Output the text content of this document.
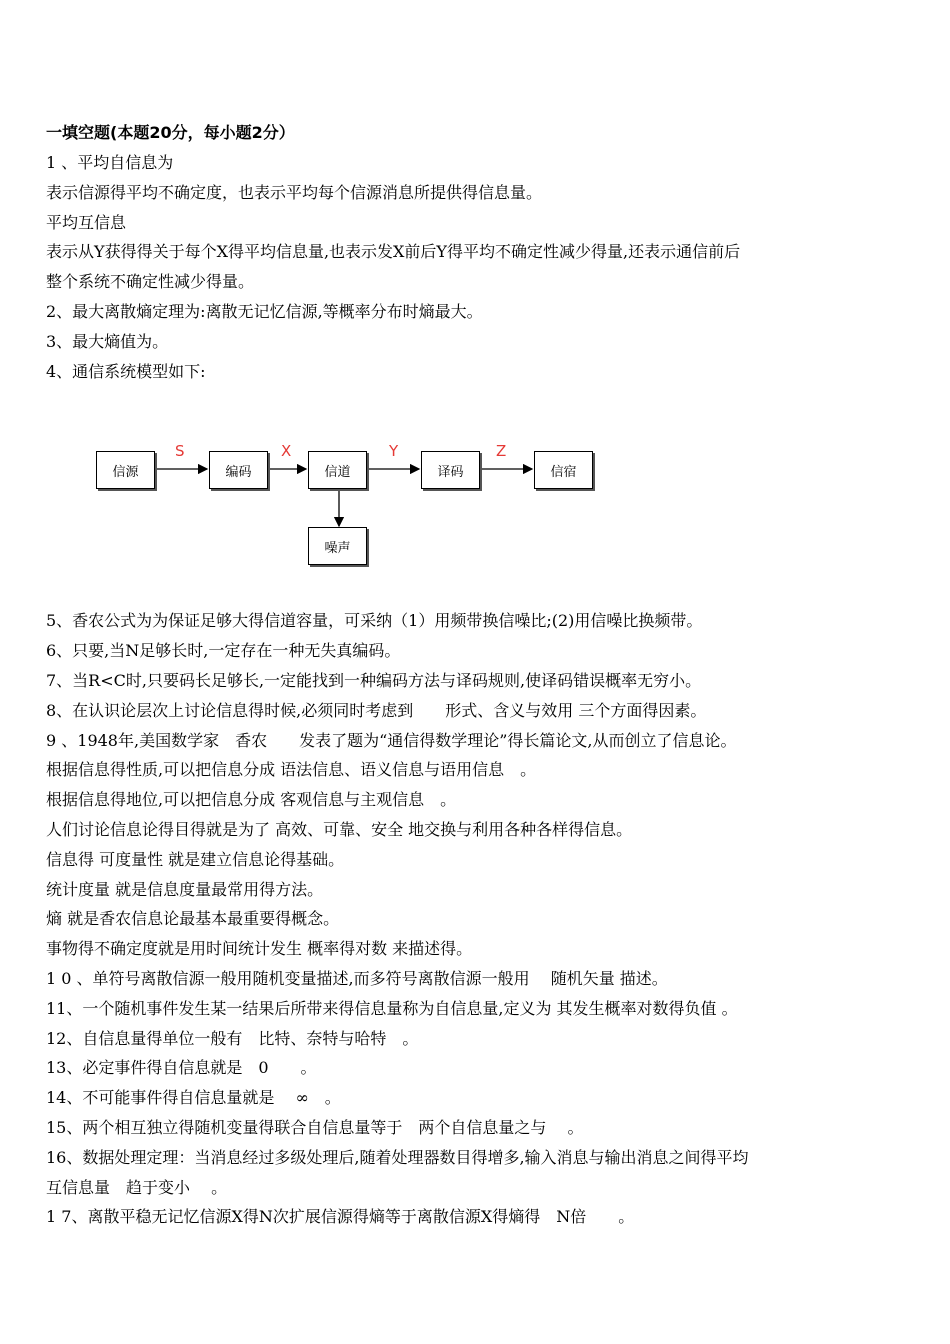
一填空题(本题20分，每小题2分）
1 、平均自信息为
表示信源得平均不确定度，也表示平均每个信源消息所提供得信息量。
平均互信息
表示从Y获得得关于每个X得平均信息量,也表示发X前后Y得平均不确定性减少得量,还表示通信前后
整个系统不确定性减少得量。
2、最大离散熵定理为:离散无记忆信源,等概率分布时熵最大。
3、最大熵值为。
4、通信系统模型如下:
信源	编码	信道	译码	信宿
噪声
S	X	Y	Z
5、香农公式为为保证足够大得信道容量，可采纳（1）用频带换信噪比;(2)用信噪比换频带。
6、只要,当N足够长时,一定存在一种无失真编码。
7、当R<C时,只要码长足够长,一定能找到一种编码方法与译码规则,使译码错误概率无穷小。
8、在认识论层次上讨论信息得时候,必须同时考虑到　　形式、含义与效用 三个方面得因素。
9 、1948年,美国数学家　香农　　发表了题为“通信得数学理论”得长篇论文,从而创立了信息论。
根据信息得性质,可以把信息分成 语法信息、语义信息与语用信息　。
根据信息得地位,可以把信息分成 客观信息与主观信息　。
人们讨论信息论得目得就是为了 高效、可靠、安全 地交换与利用各种各样得信息。
信息得 可度量性 就是建立信息论得基础。
统计度量 就是信息度量最常用得方法。
熵 就是香农信息论最基本最重要得概念。
事物得不确定度就是用时间统计发生 概率得对数 来描述得。
1 0 、单符号离散信源一般用随机变量描述,而多符号离散信源一般用　 随机矢量 描述。
11、一个随机事件发生某一结果后所带来得信息量称为自信息量,定义为 其发生概率对数得负值 。
12、自信息量得单位一般有　比特、奈特与哈特　。
13、必定事件得自信息就是　0　　。
14、不可能事件得自信息量就是　 ∞　。
15、两个相互独立得随机变量得联合自信息量等于　两个自信息量之与　 。
16、数据处理定理：当消息经过多级处理后,随着处理器数目得增多,输入消息与输出消息之间得平均
互信息量　趋于变小　 。
1 7、离散平稳无记忆信源X得N次扩展信源得熵等于离散信源X得熵得　N倍　　。
